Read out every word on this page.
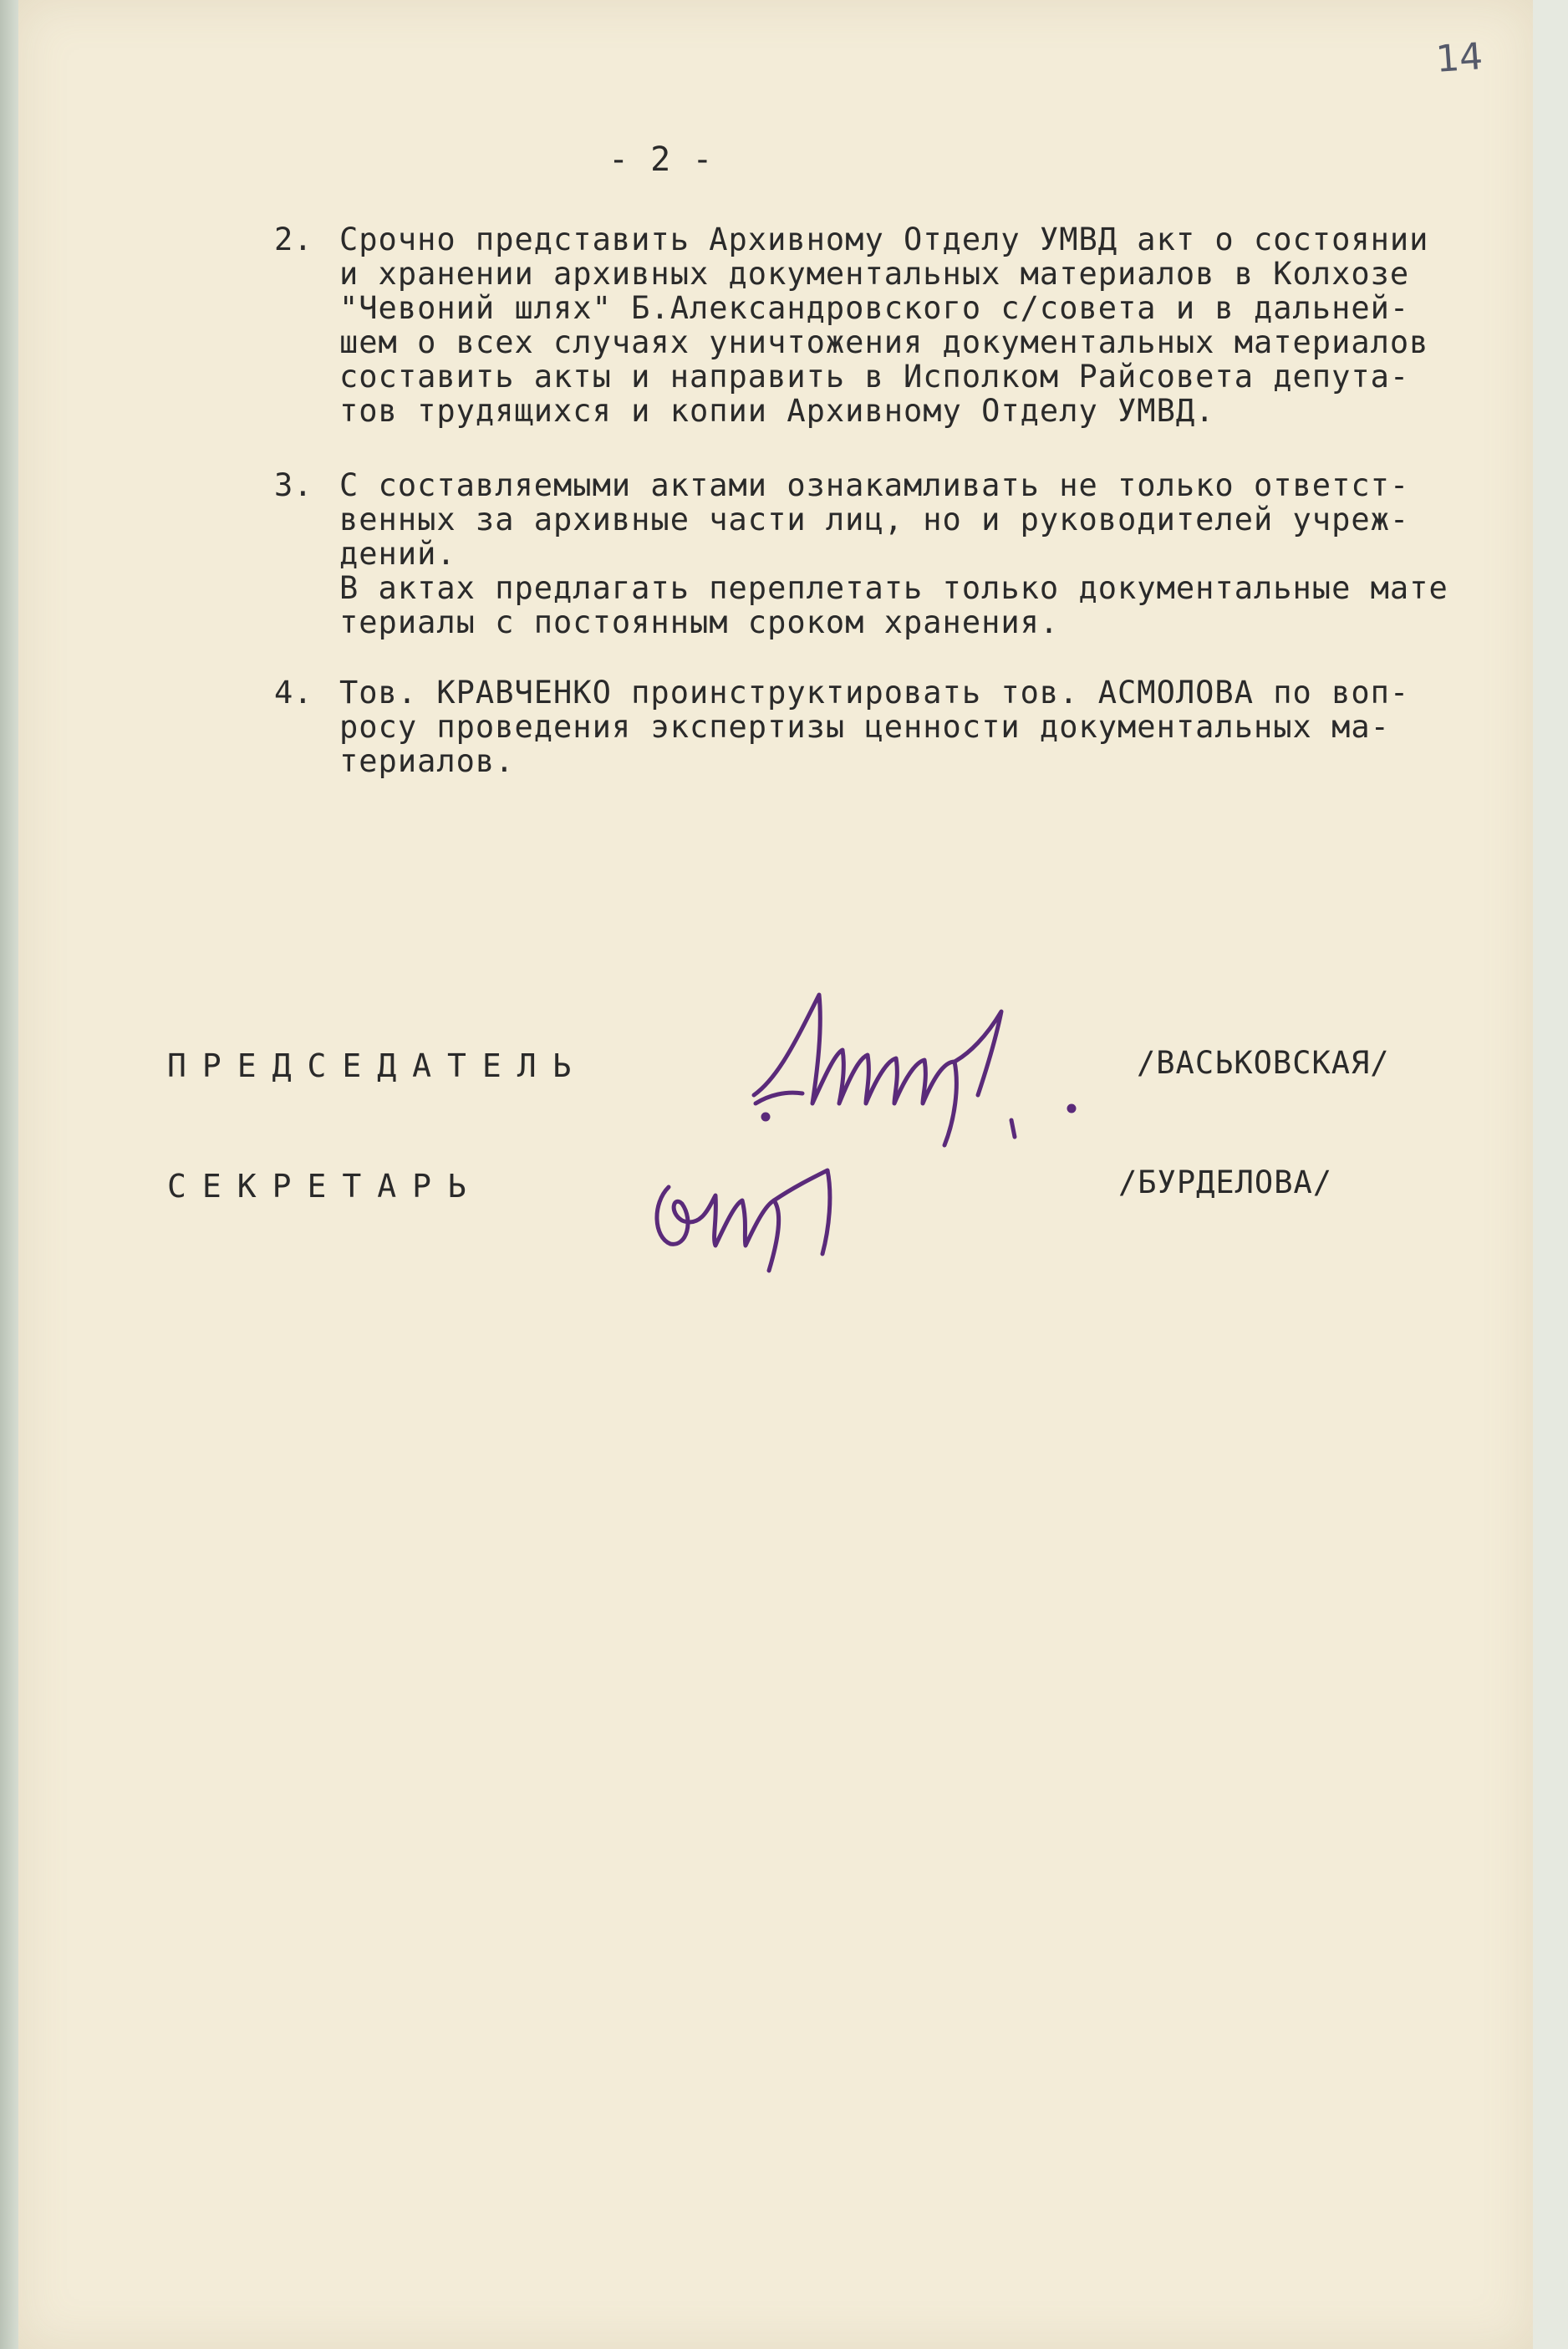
14
- 2 -
2. Срочно представить Архивному Отделу УМВД акт о состоянии
и хранении архивных документальных материалов в Колхозе
"Чевоний шлях" Б.Александровского с/совета и в дальней-
шем о всех случаях уничтожения документальных материалов
составить акты и направить в Исполком Райсовета депута-
тов трудящихся и копии Архивному Отделу УМВД.
3. С составляемыми актами ознакамливать не только ответст-
венных за архивные части лиц, но и руководителей учреж-
дений.
В актах предлагать переплетать только документальные мате
териалы с постоянным сроком хранения.
4. Тов. КРАВЧЕНКО проинструктировать тов. АСМОЛОВА по воп-
росу проведения экспертизы ценности документальных ма-
териалов.
ПРЕДСЕДАТЕЛЬ	/ВАСЬКОВСКАЯ/
СЕКРЕТАРЬ	/БУРДЕЛОВА/
